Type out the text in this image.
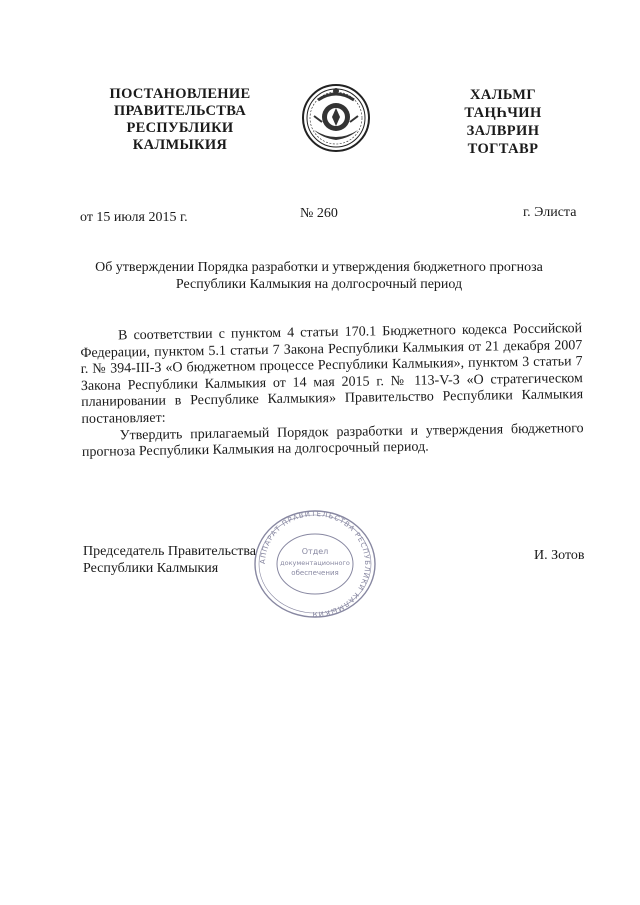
ПОСТАНОВЛЕНИЕ
ПРАВИТЕЛЬСТВА
РЕСПУБЛИКИ
КАЛМЫКИЯ
ХАЛЬМГ
ТАҢҺЧИН
ЗАЛВРИН
ТОГТАВР
от 15 июля 2015 г.	№ 260	г. Элиста
Об утверждении Порядка разработки и утверждения бюджетного прогноза
Республики Калмыкия на долгосрочный период

В соответствии с пунктом 4 статьи 170.1 Бюджетного кодекса Российской Федерации, пунктом 5.1 статьи 7 Закона Республики Калмыкия от 21 декабря 2007 г. № 394-III-З «О бюджетном процессе Республики Калмыкия», пунктом 3 статьи 7 Закона Республики Калмыкия от 14 мая 2015 г. № 113-V-З «О стратегическом планировании в Республике Калмыкия» Правительство Республики Калмыкия постановляет:

Утвердить прилагаемый Порядок разработки и утверждения бюджетного прогноза Республики Калмыкия на долгосрочный период.

АППАРАТ ПРАВИТЕЛЬСТВА РЕСПУБЛИКИ КАЛМЫКИЯ
Отдел
документационного
обеспечения
Председатель Правительства
Республики Калмыкия
И. Зотов
